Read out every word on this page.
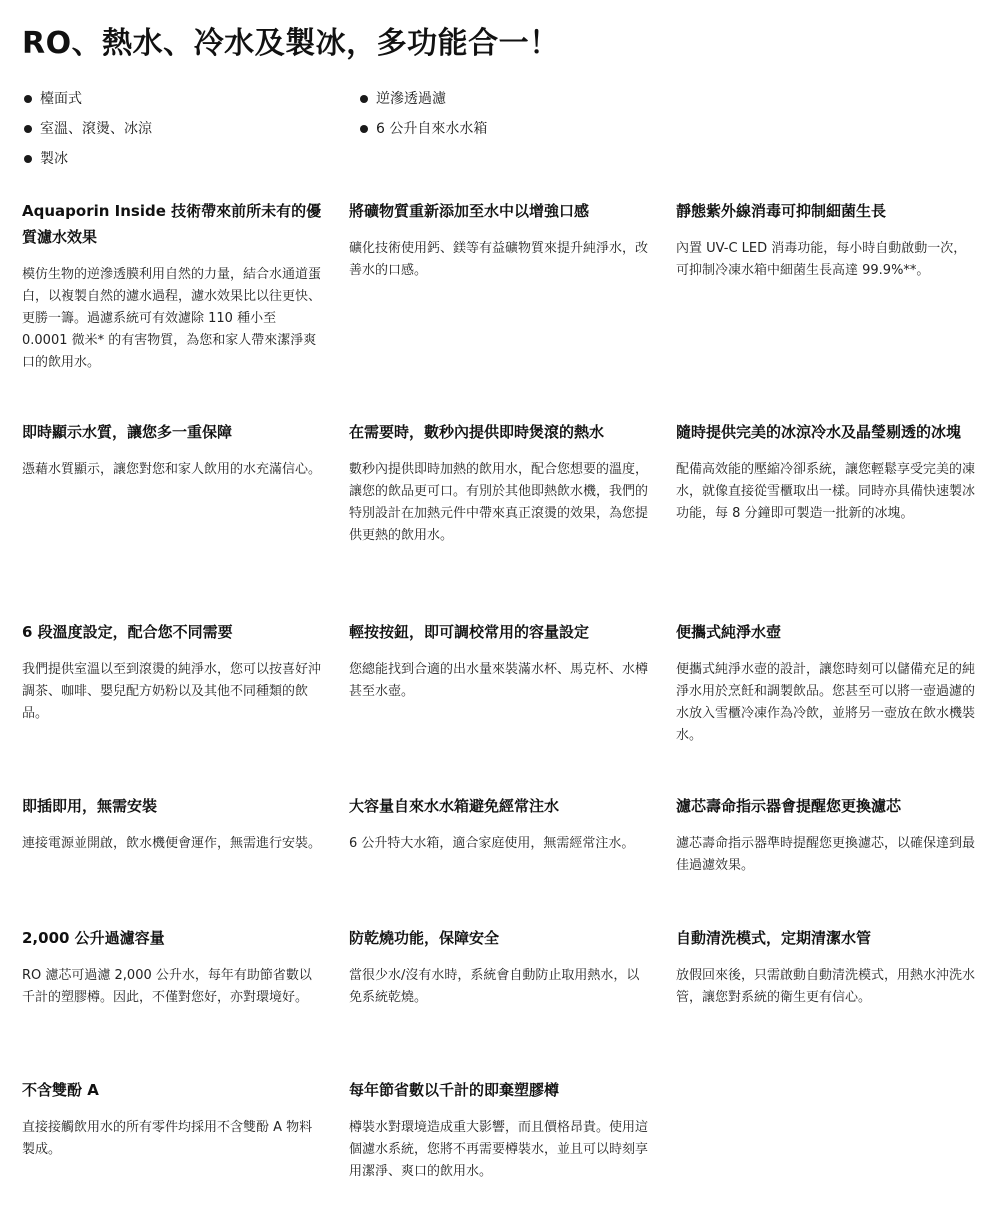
RO、熱水、冷水及製冰，多功能合一！
檯面式
室溫、滾燙、冰涼
製冰
逆滲透過濾
6 公升自來水水箱
Aquaporin Inside 技術帶來前所未有的優質濾水效果

模仿生物的逆滲透膜利用自然的力量，結合水通道蛋白，以複製自然的濾水過程，濾水效果比以往更快、更勝一籌。過濾系統可有效濾除 110 種小至 0.0001 微米* 的有害物質，為您和家人帶來潔淨爽口的飲用水。

將礦物質重新添加至水中以增強口感

礦化技術使用鈣、鎂等有益礦物質來提升純淨水，改善水的口感。

靜態紫外線消毒可抑制細菌生長

內置 UV-C LED 消毒功能，每小時自動啟動一次，可抑制冷凍水箱中細菌生長高達 99.9%**。

即時顯示水質，讓您多一重保障

憑藉水質顯示，讓您對您和家人飲用的水充滿信心。

在需要時，數秒內提供即時煲滾的熱水

數秒內提供即時加熱的飲用水，配合您想要的溫度，讓您的飲品更可口。有別於其他即熱飲水機，我們的特別設計在加熱元件中帶來真正滾燙的效果，為您提供更熱的飲用水。

隨時提供完美的冰涼冷水及晶瑩剔透的冰塊

配備高效能的壓縮冷卻系統，讓您輕鬆享受完美的凍水，就像直接從雪櫃取出一樣。同時亦具備快速製冰功能，每 8 分鐘即可製造一批新的冰塊。

6 段溫度設定，配合您不同需要

我們提供室溫以至到滾燙的純淨水，您可以按喜好沖調茶、咖啡、嬰兒配方奶粉以及其他不同種類的飲品。

輕按按鈕，即可調校常用的容量設定

您總能找到合適的出水量來裝滿水杯、馬克杯、水樽甚至水壺。

便攜式純淨水壺

便攜式純淨水壺的設計，讓您時刻可以儲備充足的純淨水用於烹飪和調製飲品。您甚至可以將一壺過濾的水放入雪櫃冷凍作為冷飲，並將另一壺放在飲水機裝水。

即插即用，無需安裝

連接電源並開啟，飲水機便會運作，無需進行安裝。

大容量自來水水箱避免經常注水

6 公升特大水箱，適合家庭使用，無需經常注水。

濾芯壽命指示器會提醒您更換濾芯

濾芯壽命指示器準時提醒您更換濾芯，以確保達到最佳過濾效果。

2,000 公升過濾容量

RO 濾芯可過濾 2,000 公升水，每年有助節省數以千計的塑膠樽。因此，不僅對您好，亦對環境好。

防乾燒功能，保障安全

當很少水/沒有水時，系統會自動防止取用熱水，以免系統乾燒。

自動清洗模式，定期清潔水管

放假回來後，只需啟動自動清洗模式，用熱水沖洗水管，讓您對系統的衛生更有信心。

不含雙酚 A

直接接觸飲用水的所有零件均採用不含雙酚 A 物料製成。

每年節省數以千計的即棄塑膠樽

樽裝水對環境造成重大影響，而且價格昂貴。使用這個濾水系統，您將不再需要樽裝水，並且可以時刻享用潔淨、爽口的飲用水。
